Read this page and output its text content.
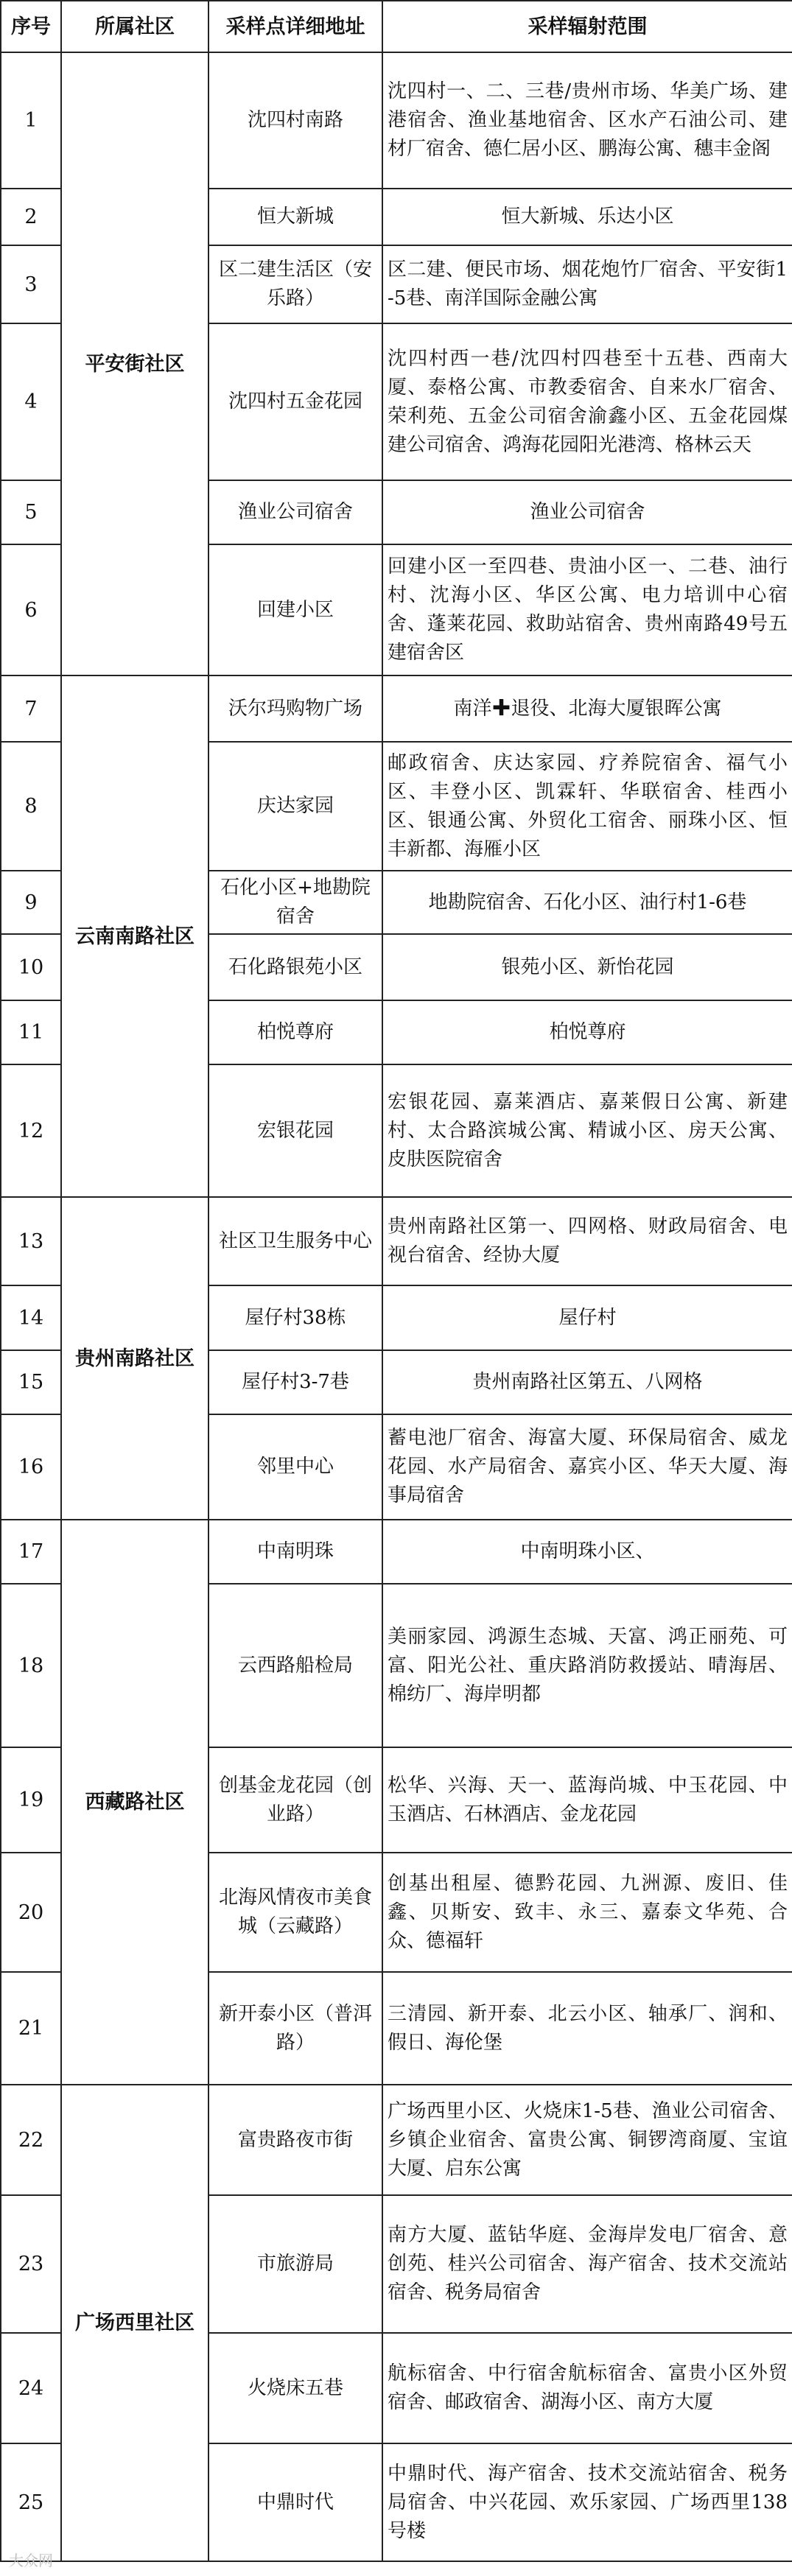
序号	所属社区	采样点详细地址	采样辐射范围
1	平安街社区	沈四村南路	沈四村一、二、三巷/贵州市场、华美广场、建港宿舍、渔业基地宿舍、区水产石油公司、建材厂宿舍、德仁居小区、鹏海公寓、穗丰金阁
2		恒大新城	恒大新城、乐达小区
3		区二建生活区（安乐路）	区二建、便民市场、烟花炮竹厂宿舍、平安街1-5巷、南洋国际金融公寓
4		沈四村五金花园	沈四村西一巷/沈四村四巷至十五巷、西南大厦、泰格公寓、市教委宿舍、自来水厂宿舍、荣利苑、五金公司宿舍渝鑫小区、五金花园煤建公司宿舍、鸿海花园阳光港湾、格林云天
5		渔业公司宿舍	渔业公司宿舍
6		回建小区	回建小区一至四巷、贵油小区一、二巷、油行村、沈海小区、华区公寓、电力培训中心宿舍、蓬莱花园、救助站宿舍、贵州南路49号五建宿舍区
7	云南南路社区	沃尔玛购物广场	南洋✚退役、北海大厦银晖公寓
8		庆达家园	邮政宿舍、庆达家园、疗养院宿舍、福气小区、丰登小区、凯霖轩、华联宿舍、桂西小区、银通公寓、外贸化工宿舍、丽珠小区、恒丰新都、海雁小区
9		石化小区+地勘院宿舍	地勘院宿舍、石化小区、油行村1-6巷
10		石化路银苑小区	银苑小区、新怡花园
11		柏悦尊府	柏悦尊府
12		宏银花园	宏银花园、嘉莱酒店、嘉莱假日公寓、新建村、太合路滨城公寓、精诚小区、房天公寓、皮肤医院宿舍
13	贵州南路社区	社区卫生服务中心	贵州南路社区第一、四网格、财政局宿舍、电视台宿舍、经协大厦
14		屋仔村38栋	屋仔村
15		屋仔村3-7巷	贵州南路社区第五、八网格
16		邻里中心	蓄电池厂宿舍、海富大厦、环保局宿舍、威龙花园、水产局宿舍、嘉宾小区、华天大厦、海事局宿舍
17	西藏路社区	中南明珠	中南明珠小区、
18		云西路船检局	美丽家园、鸿源生态城、天富、鸿正丽苑、可富、阳光公社、重庆路消防救援站、晴海居、棉纺厂、海岸明都
19		创基金龙花园（创业路）	松华、兴海、天一、蓝海尚城、中玉花园、中玉酒店、石林酒店、金龙花园
20		北海风情夜市美食城（云藏路）	创基出租屋、德黔花园、九洲源、废旧、佳鑫、贝斯安、致丰、永三、嘉泰文华苑、合众、德福轩
21		新开泰小区（普洱路）	三清园、新开泰、北云小区、轴承厂、润和、假日、海伦堡
22	广场西里社区	富贵路夜市街	广场西里小区、火烧床1-5巷、渔业公司宿舍、乡镇企业宿舍、富贵公寓、铜锣湾商厦、宝谊大厦、启东公寓
23		市旅游局	南方大厦、蓝钻华庭、金海岸发电厂宿舍、意创苑、桂兴公司宿舍、海产宿舍、技术交流站宿舍、税务局宿舍
24		火烧床五巷	航标宿舍、中行宿舍航标宿舍、富贵小区外贸宿舍、邮政宿舍、湖海小区、南方大厦
25		中鼎时代	中鼎时代、海产宿舍、技术交流站宿舍、税务局宿舍、中兴花园、欢乐家园、广场西里138号楼
大众网
